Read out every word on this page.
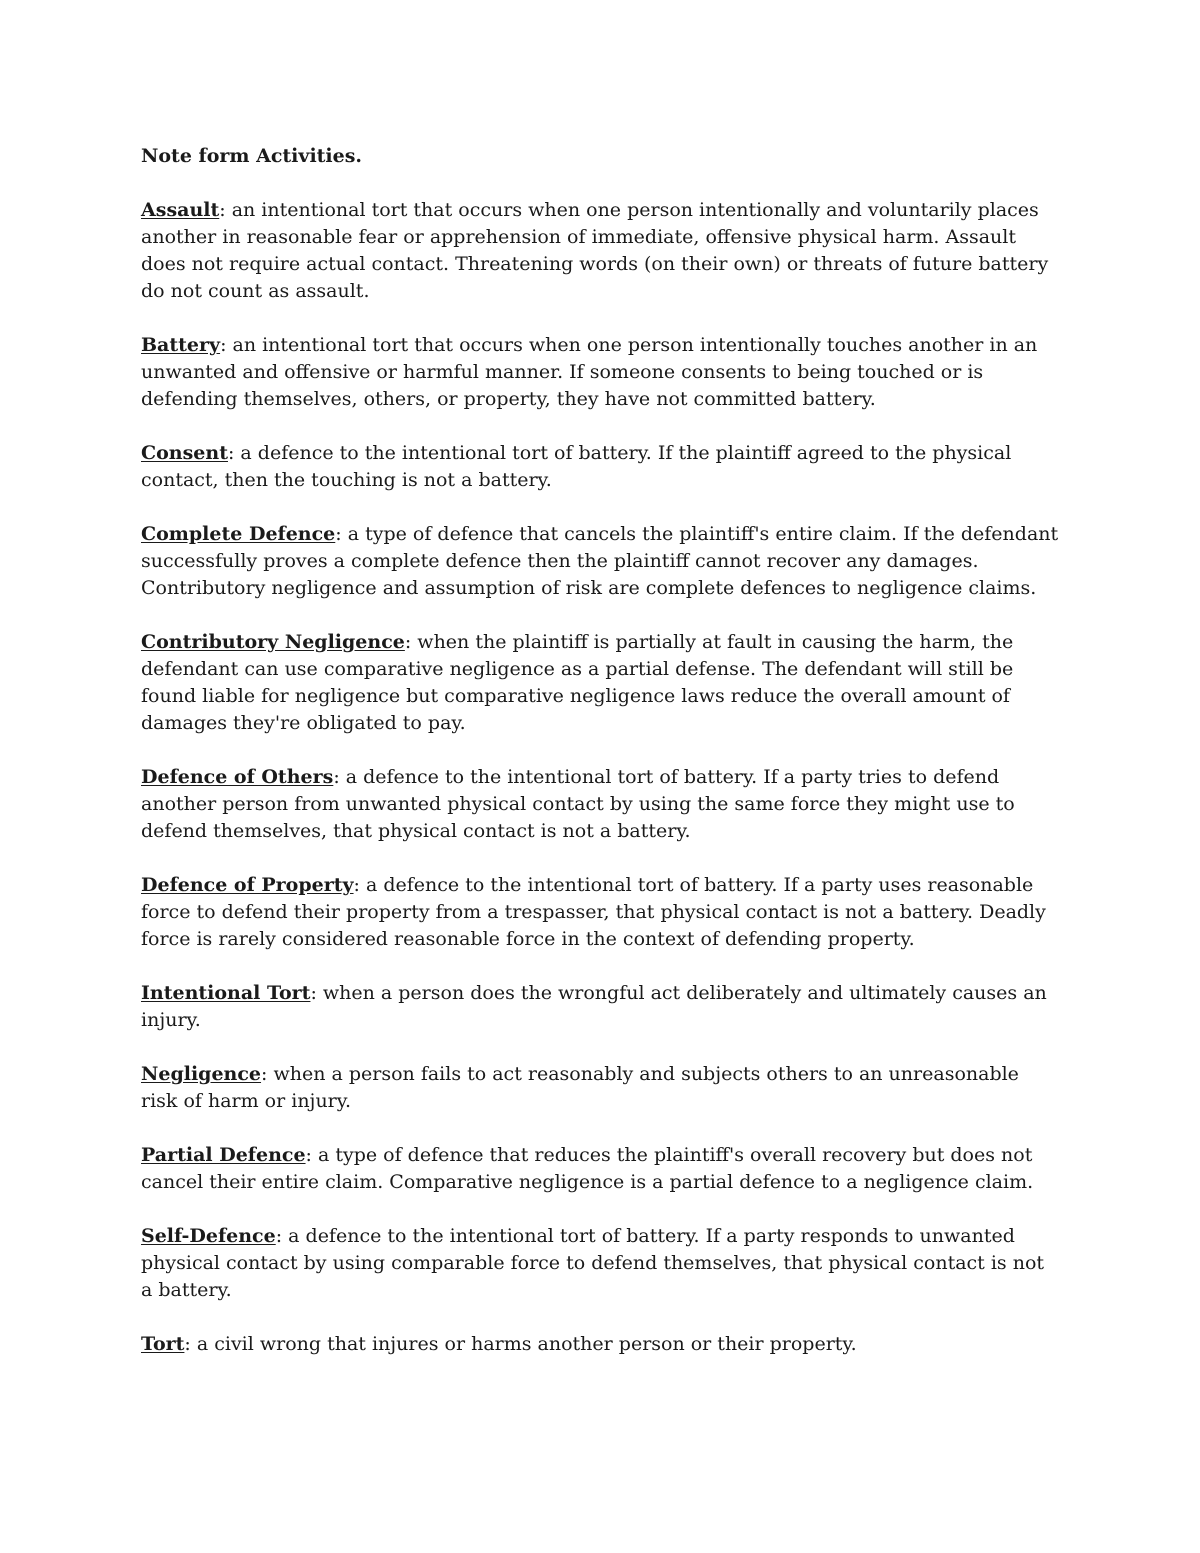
Note form Activities.

Assault: an intentional tort that occurs when one person intentionally and voluntarily places another in reasonable fear or apprehension of immediate, offensive physical harm. Assault does not require actual contact. Threatening words (on their own) or threats of future battery do not count as assault.

Battery: an intentional tort that occurs when one person intentionally touches another in an unwanted and offensive or harmful manner. If someone consents to being touched or is defending themselves, others, or property, they have not committed battery.

Consent: a defence to the intentional tort of battery. If the plaintiff agreed to the physical contact, then the touching is not a battery.

Complete Defence: a type of defence that cancels the plaintiff's entire claim. If the defendant successfully proves a complete defence then the plaintiff cannot recover any damages. Contributory negligence and assumption of risk are complete defences to negligence claims.

Contributory Negligence: when the plaintiff is partially at fault in causing the harm, the defendant can use comparative negligence as a partial defense. The defendant will still be found liable for negligence but comparative negligence laws reduce the overall amount of damages they're obligated to pay.

Defence of Others: a defence to the intentional tort of battery. If a party tries to defend another person from unwanted physical contact by using the same force they might use to defend themselves, that physical contact is not a battery.

Defence of Property: a defence to the intentional tort of battery. If a party uses reasonable force to defend their property from a trespasser, that physical contact is not a battery. Deadly force is rarely considered reasonable force in the context of defending property.

Intentional Tort: when a person does the wrongful act deliberately and ultimately causes an injury.

Negligence: when a person fails to act reasonably and subjects others to an unreasonable risk of harm or injury.

Partial Defence: a type of defence that reduces the plaintiff's overall recovery but does not cancel their entire claim. Comparative negligence is a partial defence to a negligence claim.

Self-Defence: a defence to the intentional tort of battery. If a party responds to unwanted physical contact by using comparable force to defend themselves, that physical contact is not a battery.

Tort: a civil wrong that injures or harms another person or their property.
